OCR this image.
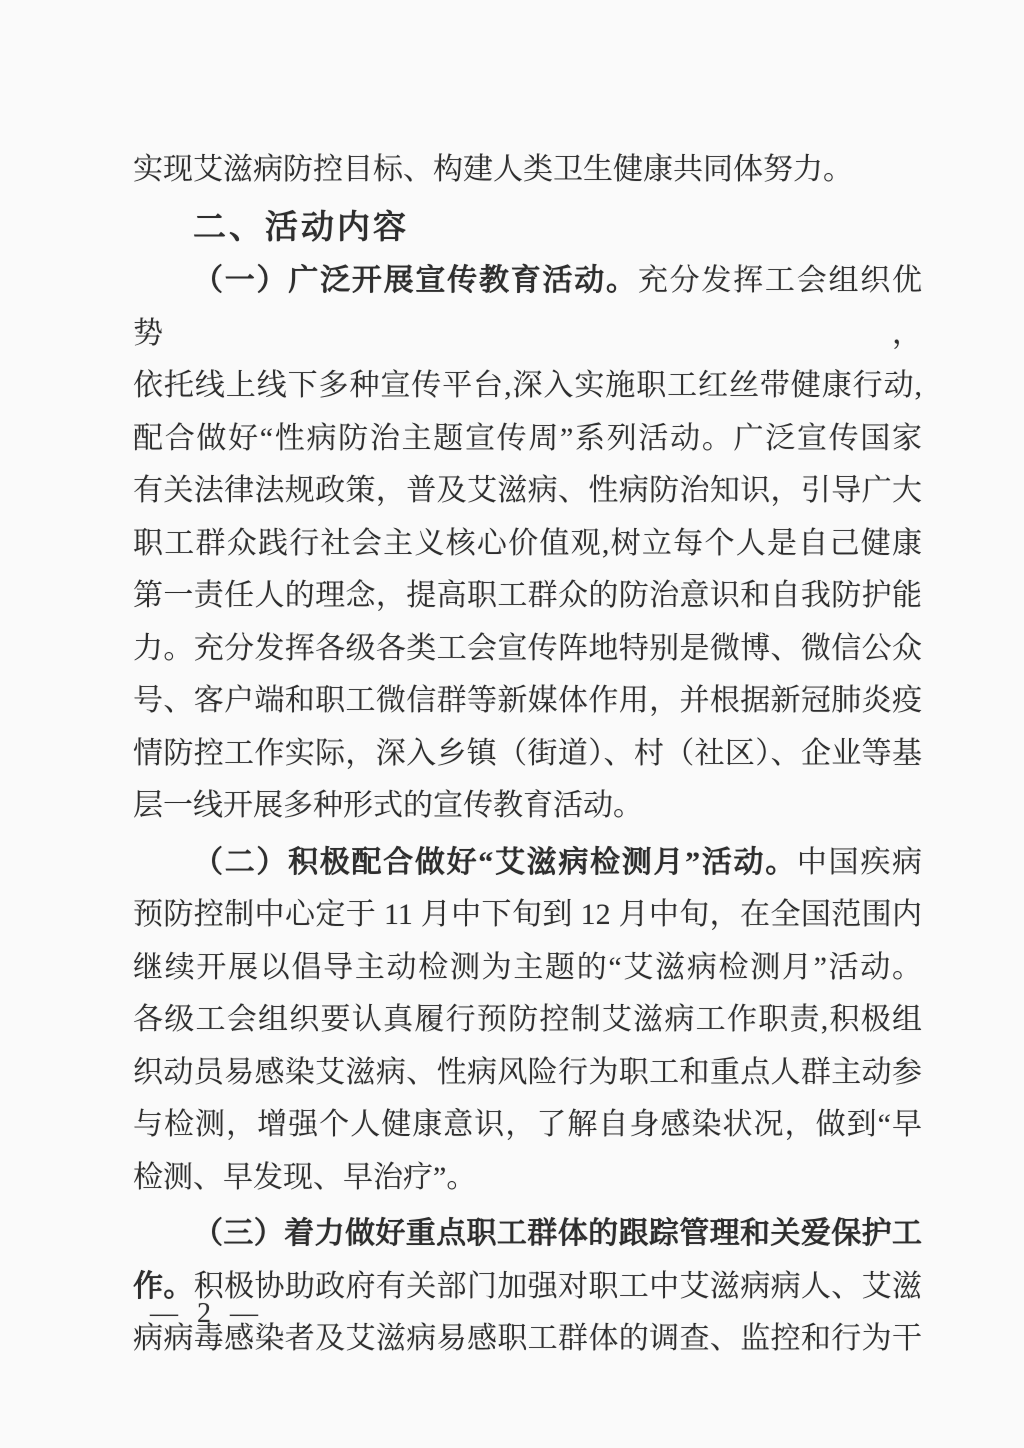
实现艾滋病防控目标、构建人类卫生健康共同体努力。
二、活动内容
（一）广泛开展宣传教育活动。充分发挥工会组织优势，
依托线上线下多种宣传平台,深入实施职工红丝带健康行动,
配合做好“性病防治主题宣传周”系列活动。广泛宣传国家
有关法律法规政策，普及艾滋病、性病防治知识，引导广大
职工群众践行社会主义核心价值观,树立每个人是自己健康
第一责任人的理念，提高职工群众的防治意识和自我防护能
力。充分发挥各级各类工会宣传阵地特别是微博、微信公众
号、客户端和职工微信群等新媒体作用，并根据新冠肺炎疫
情防控工作实际，深入乡镇（街道）、村（社区）、企业等基
层一线开展多种形式的宣传教育活动。
（二）积极配合做好“艾滋病检测月”活动。中国疾病
预防控制中心定于 11 月中下旬到 12 月中旬，在全国范围内
继续开展以倡导主动检测为主题的“艾滋病检测月”活动。
各级工会组织要认真履行预防控制艾滋病工作职责,积极组
织动员易感染艾滋病、性病风险行为职工和重点人群主动参
与检测，增强个人健康意识，了解自身感染状况，做到“早
检测、早发现、早治疗”。
（三）着力做好重点职工群体的跟踪管理和关爱保护工
作。积极协助政府有关部门加强对职工中艾滋病病人、艾滋
病病毒感染者及艾滋病易感职工群体的调查、监控和行为干
— 2 —
